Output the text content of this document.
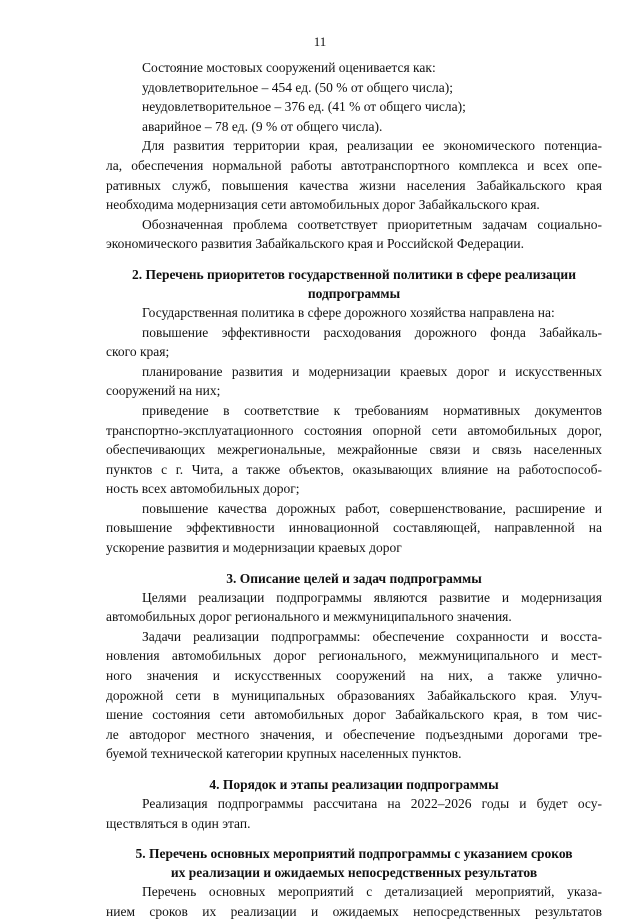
11

Состояние мостовых сооружений оценивается как:

удовлетворительное – 454 ед. (50 % от общего числа);

неудовлетворительное – 376 ед. (41 % от общего числа);

аварийное – 78 ед. (9 % от общего числа).

Для развития территории края, реализации ее экономического потенциа-

ла, обеспечения нормальной работы автотранспортного комплекса и всех опе-

ративных служб, повышения качества жизни населения Забайкальского края

необходима модернизация сети автомобильных дорог Забайкальского края.

Обозначенная проблема соответствует приоритетным задачам социально-

экономического развития Забайкальского края и Российской Федерации.

2. Перечень приоритетов государственной политики в сфере реализации

подпрограммы

Государственная политика в сфере дорожного хозяйства направлена на:

повышение эффективности расходования дорожного фонда Забайкаль-

ского края;

планирование развития и модернизации краевых дорог и искусственных

сооружений на них;

приведение в соответствие к требованиям нормативных документов

транспортно-эксплуатационного состояния опорной сети автомобильных дорог,

обеспечивающих межрегиональные, межрайонные связи и связь населенных

пунктов с г. Чита, а также объектов, оказывающих влияние на работоспособ-

ность всех автомобильных дорог;

повышение качества дорожных работ, совершенствование, расширение и

повышение эффективности инновационной составляющей, направленной на

ускорение развития и модернизации краевых дорог

3. Описание целей и задач подпрограммы

Целями реализации подпрограммы являются развитие и модернизация

автомобильных дорог регионального и межмуниципального значения.

Задачи реализации подпрограммы: обеспечение сохранности и восста-

новления автомобильных дорог регионального, межмуниципального и мест-

ного значения и искусственных сооружений на них, а также улично-

дорожной сети в муниципальных образованиях Забайкальского края. Улуч-

шение состояния сети автомобильных дорог Забайкальского края, в том чис-

ле автодорог местного значения, и обеспечение подъездными дорогами тре-

буемой технической категории крупных населенных пунктов.

4. Порядок и этапы реализации подпрограммы

Реализация подпрограммы рассчитана на 2022–2026 годы и будет осу-

ществляться в один этап.

5. Перечень основных мероприятий подпрограммы с указанием сроков

их реализации и ожидаемых непосредственных результатов

Перечень основных мероприятий с детализацией мероприятий, указа-

нием сроков их реализации и ожидаемых непосредственных результатов
